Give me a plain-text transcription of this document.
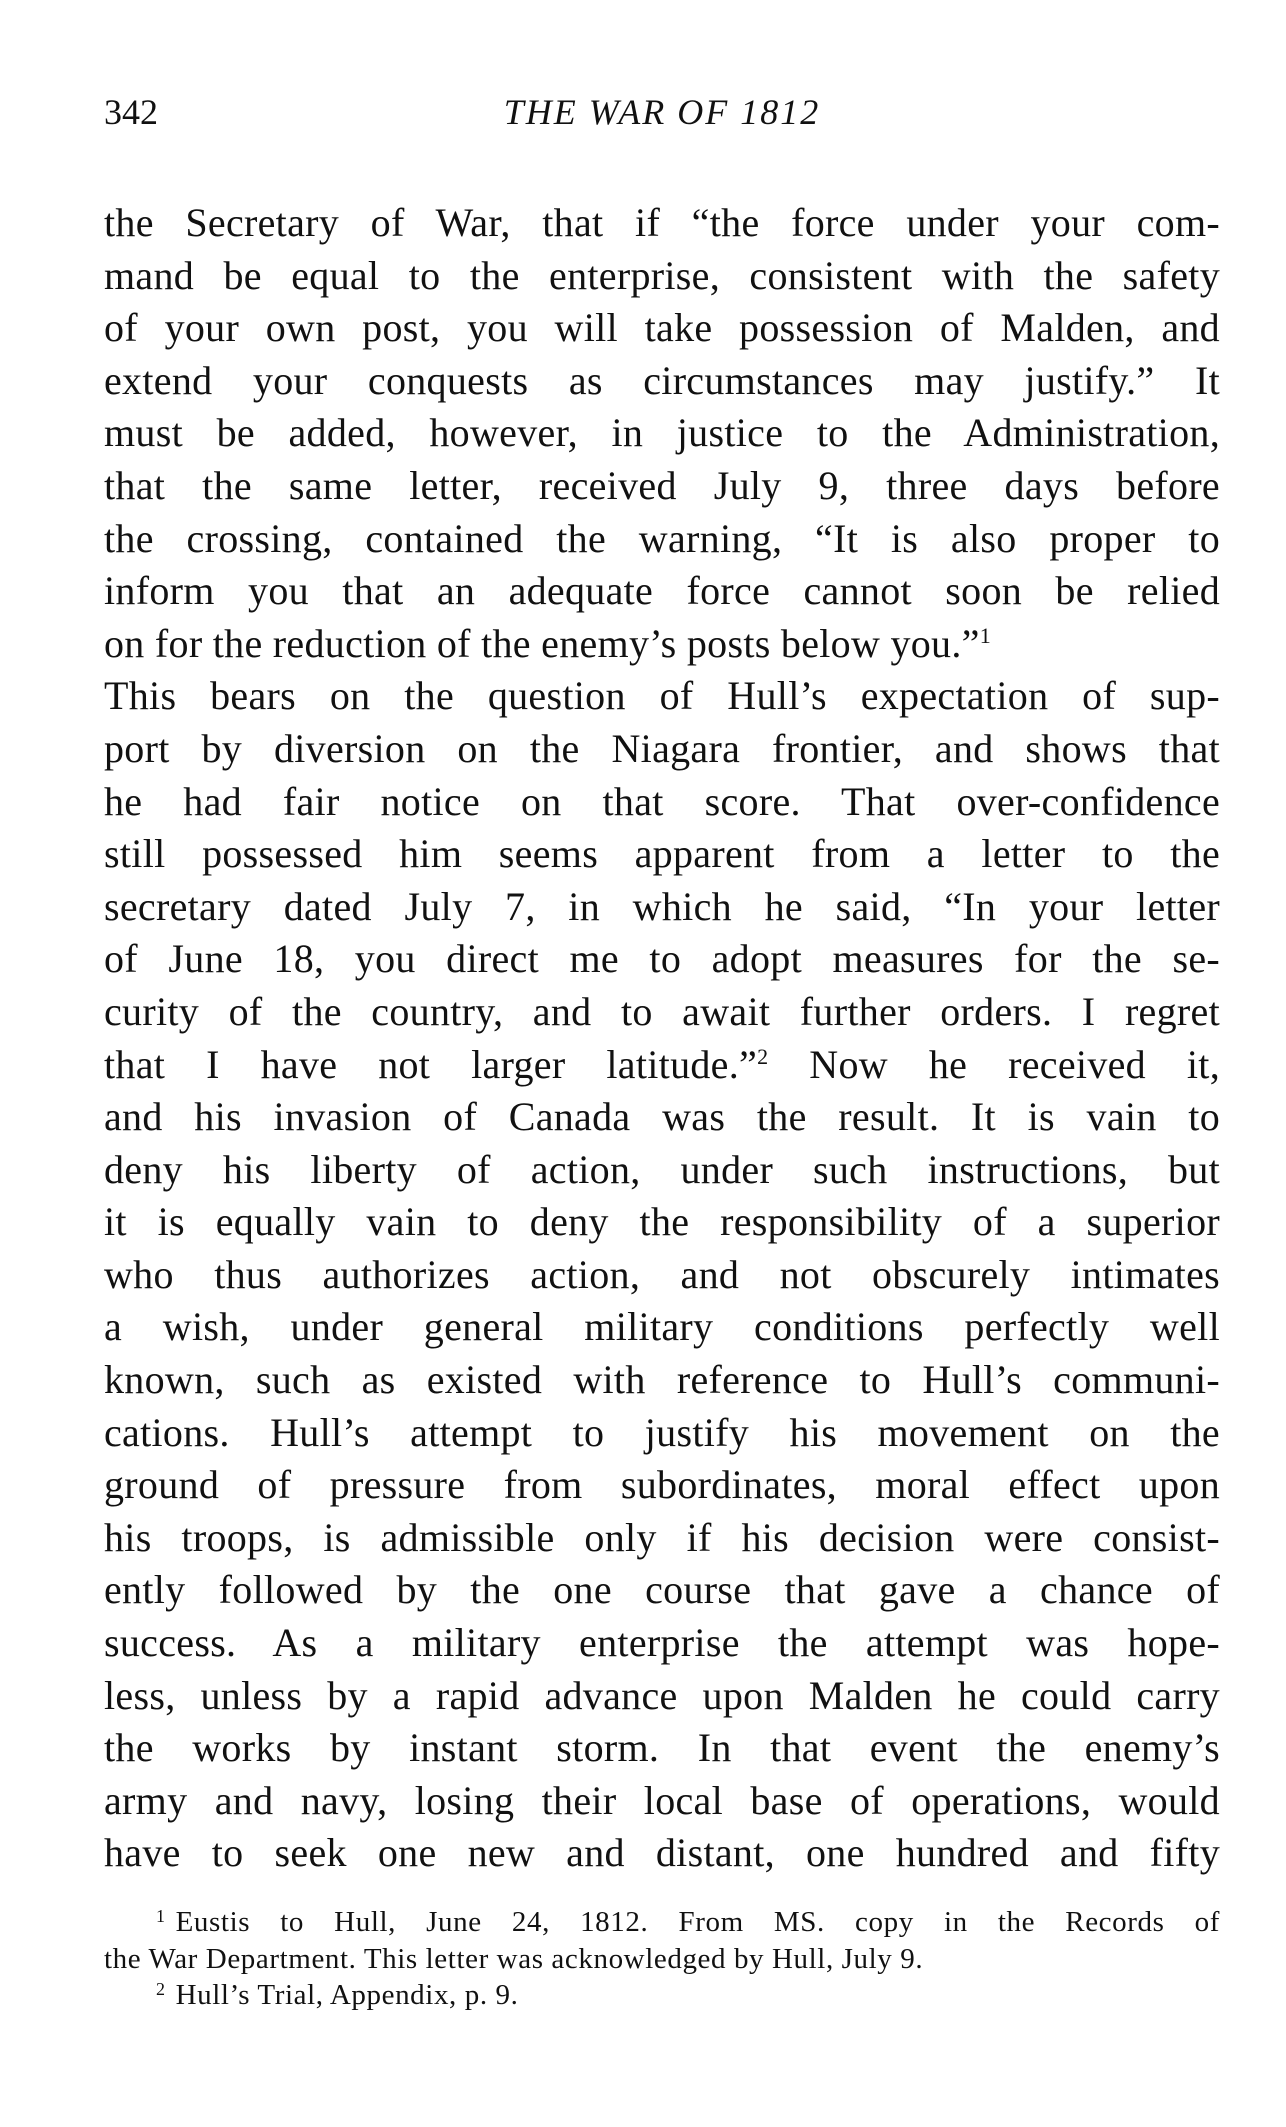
342	THE WAR OF 1812
the Secretary of War, that if “the force under your com-
mand be equal to the enterprise, consistent with the safety
of your own post, you will take possession of Malden, and
extend your conquests as circumstances may justify.” It
must be added, however, in justice to the Administration,
that the same letter, received July 9, three days before
the crossing, contained the warning, “It is also proper to
inform you that an adequate force cannot soon be relied
on for the reduction of the enemy’s posts below you.”$^1$
This bears on the question of Hull’s expectation of sup-
port by diversion on the Niagara frontier, and shows that
he had fair notice on that score. That over-confidence
still possessed him seems apparent from a letter to the
secretary dated July 7, in which he said, “In your letter
of June 18, you direct me to adopt measures for the se-
curity of the country, and to await further orders. I regret
that I have not larger latitude.”$^2$ Now he received it,
and his invasion of Canada was the result. It is vain to
deny his liberty of action, under such instructions, but
it is equally vain to deny the responsibility of a superior
who thus authorizes action, and not obscurely intimates
a wish, under general military conditions perfectly well
known, such as existed with reference to Hull’s communi-
cations. Hull’s attempt to justify his movement on the
ground of pressure from subordinates, moral effect upon
his troops, is admissible only if his decision were consist-
ently followed by the one course that gave a chance of
success. As a military enterprise the attempt was hope-
less, unless by a rapid advance upon Malden he could carry
the works by instant storm. In that event the enemy’s
army and navy, losing their local base of operations, would
have to seek one new and distant, one hundred and fifty
$^1$ Eustis to Hull, June 24, 1812. From MS. copy in the Records of
the War Department. This letter was acknowledged by Hull, July 9.
$^2$ Hull’s Trial, Appendix, p. 9.
